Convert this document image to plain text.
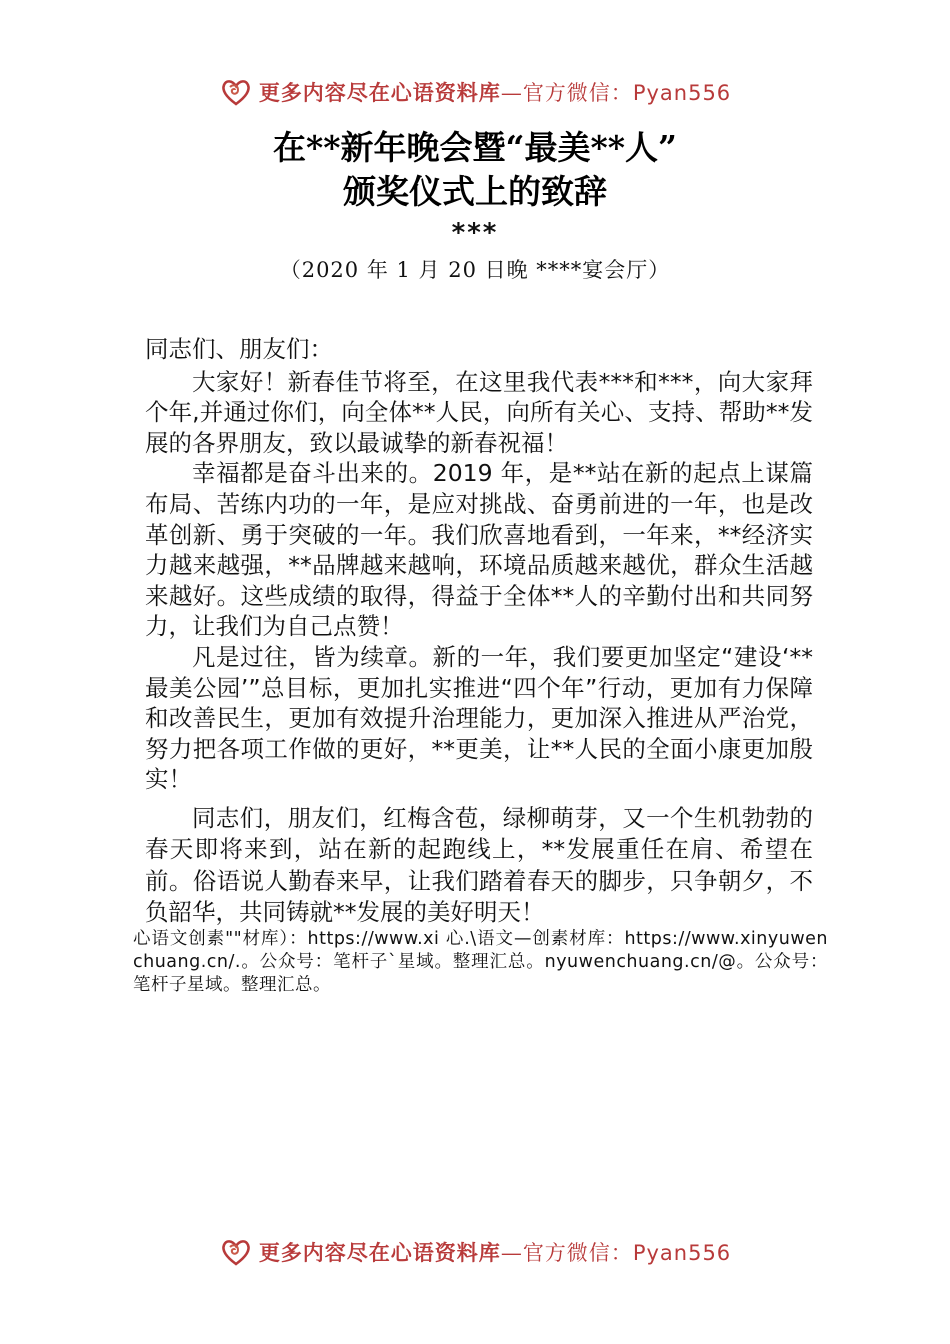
更多内容尽在心语资料库—官方微信：Pyan556
在**新年晚会暨“最美**人”
颁奖仪式上的致辞
***
（2020 年 1 月 20 日晚 ****宴会厅）
同志们、朋友们：

大家好！新春佳节将至，在这里我代表***和***，向大家拜个年,并通过你们，向全体**人民，向所有关心、支持、帮助**发展的各界朋友，致以最诚挚的新春祝福！

幸福都是奋斗出来的。2019 年，是**站在新的起点上谋篇布局、苦练内功的一年，是应对挑战、奋勇前进的一年，也是改革创新、勇于突破的一年。我们欣喜地看到，一年来，**经济实力越来越强，**品牌越来越响，环境品质越来越优，群众生活越来越好。这些成绩的取得，得益于全体**人的辛勤付出和共同努力，让我们为自己点赞！

凡是过往，皆为续章。新的一年，我们要更加坚定“建设‘**最美公园’”总目标，更加扎实推进“四个年”行动，更加有力保障和改善民生，更加有效提升治理能力，更加深入推进从严治党，努力把各项工作做的更好，**更美，让**人民的全面小康更加殷实！

同志们，朋友们，红梅含苞，绿柳萌芽，又一个生机勃勃的春天即将来到，站在新的起跑线上，**发展重任在肩、希望在前。俗语说人勤春来早，让我们踏着春天的脚步，只争朝夕，不负韶华，共同铸就**发展的美好明天！

心语文创素""材库）：https://www.xi 心.\语文—创素材库：https://www.xinyuwenchuang.cn/.。公众号：笔杆子`星域。整理汇总。nyuwenchuang.cn/@。公众号：笔杆子星域。整理汇总。
更多内容尽在心语资料库—官方微信：Pyan556
